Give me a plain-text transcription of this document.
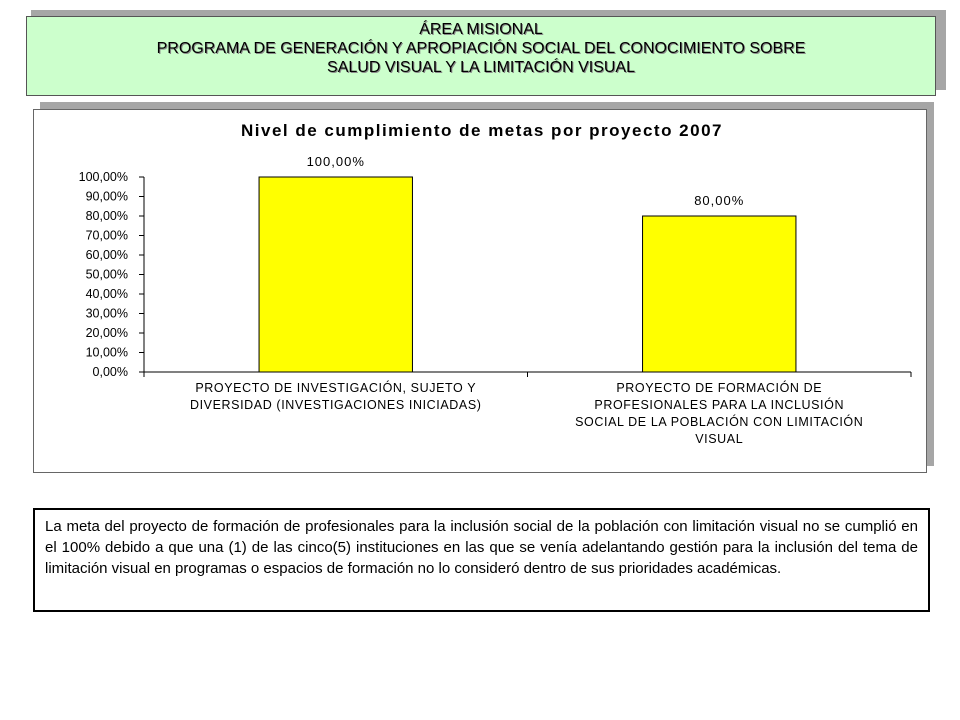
ÁREA MISIONAL
PROGRAMA DE GENERACIÓN Y APROPIACIÓN SOCIAL DEL CONOCIMIENTO SOBRE
SALUD VISUAL Y LA LIMITACIÓN VISUAL
Nivel de cumplimiento de metas por proyecto 2007
0,00%
10,00%
20,00%
30,00%
40,00%
50,00%
60,00%
70,00%
80,00%
90,00%
100,00%
100,00%
PROYECTO DE INVESTIGACIÓN, SUJETO Y DIVERSIDAD (INVESTIGACIONES INICIADAS)
80,00%
PROYECTO DE FORMACIÓN DE PROFESIONALES PARA LA INCLUSIÓN SOCIAL DE LA POBLACIÓN CON LIMITACIÓN VISUAL
La meta del proyecto de formación de profesionales para la inclusión social de la población con limitación visual no se cumplió en el 100% debido a que una (1) de las cinco(5) instituciones en las que se venía adelantando gestión para la inclusión del tema de limitación visual en programas o espacios de formación no lo consideró dentro de sus prioridades académicas.
